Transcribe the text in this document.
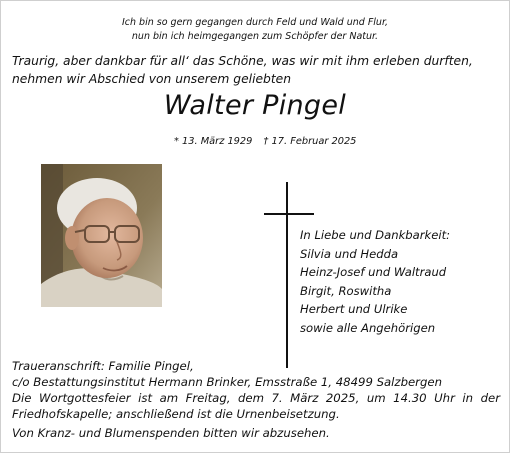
Ich bin so gern gegangen durch Feld und Wald und Flur,
nun bin ich heimgegangen zum Schöpfer der Natur.
Traurig, aber dankbar für all‘ das Schöne, was wir mit ihm erleben durften, nehmen wir Abschied von unserem geliebten
Walter Pingel
* 13. März 1929 † 17. Februar 2025
In Liebe und Dankbarkeit:
Silvia und Hedda
Heinz-Josef und Waltraud
Birgit, Roswitha
Herbert und Ulrike
sowie alle Angehörigen
Traueranschrift: Familie Pingel,
c/o Bestattungsinstitut Hermann Brinker, Emsstraße 1, 48499 Salzbergen
Die Wortgottesfeier ist am Freitag, dem 7. März 2025, um 14.30 Uhr in der Friedhofskapelle; anschließend ist die Urnenbeisetzung.
Von Kranz- und Blumenspenden bitten wir abzusehen.
